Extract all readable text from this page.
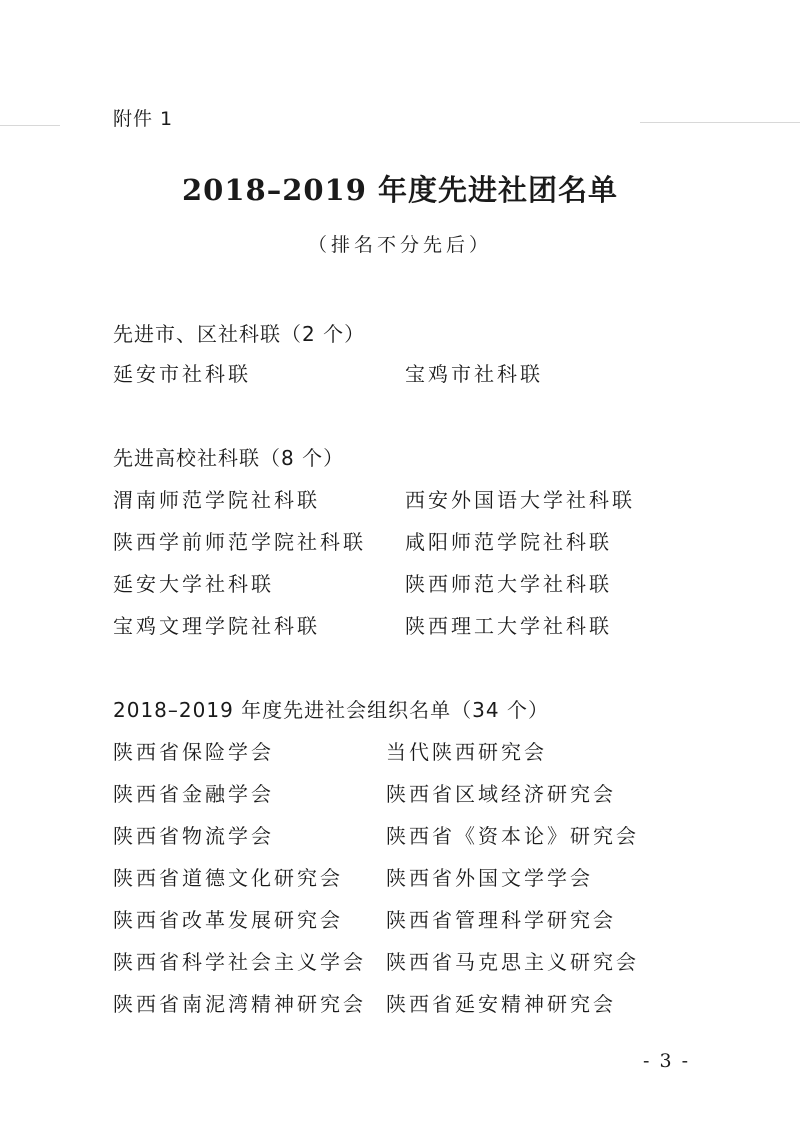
附件 1
2018–2019 年度先进社团名单
（排名不分先后）
先进市、区社科联（2 个）
延安市社科联	宝鸡市社科联
先进高校社科联（8 个）
渭南师范学院社科联	西安外国语大学社科联
陕西学前师范学院社科联 咸阳师范学院社科联
延安大学社科联	陕西师范大学社科联
宝鸡文理学院社科联	陕西理工大学社科联
2018–2019 年度先进社会组织名单（34 个）
陕西省保险学会	当代陕西研究会
陕西省金融学会	陕西省区域经济研究会
陕西省物流学会	陕西省《资本论》研究会
陕西省道德文化研究会 陕西省外国文学学会
陕西省改革发展研究会 陕西省管理科学研究会
陕西省科学社会主义学会 陕西省马克思主义研究会
陕西省南泥湾精神研究会 陕西省延安精神研究会
- 3 -
